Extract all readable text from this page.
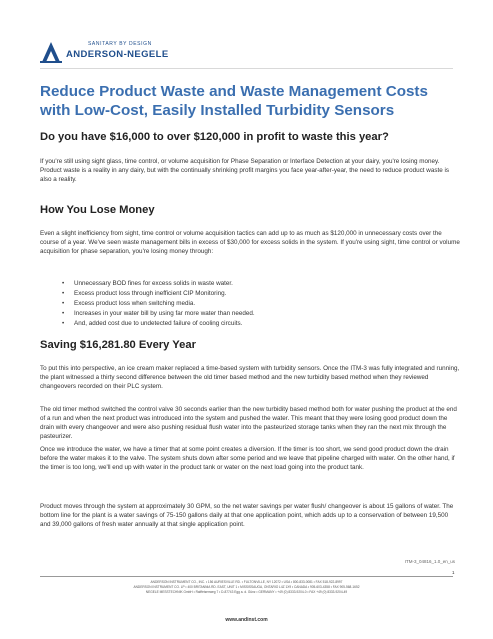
SANITARY BY DESIGN
ANDERSON-NEGELE
Reduce Product Waste and Waste Management Costs with Low-Cost, Easily Installed Turbidity Sensors
Do you have $16,000 to over $120,000 in profit to waste this year?

If you're still using sight glass, time control, or volume acquisition for Phase Separation or Interface Detection at your dairy, you're losing money. Product waste is a reality in any dairy, but with the continually shrinking profit margins you face year-after-year, the need to reduce product waste is also a reality.

How You Lose Money

Even a slight inefficiency from sight, time control or volume acquisition tactics can add up to as much as $120,000 in unnecessary costs over the course of a year. We've seen waste management bills in excess of $30,000 for excess solids in the system. If you're using sight, time control or volume acquisition for phase separation, you're losing money through:

• Unnecessary BOD fines for excess solids in waste water.
• Excess product loss through inefficient CIP Monitoring.
• Excess product loss when switching media.
• Increases in your water bill by using far more water than needed.
• And, added cost due to undetected failure of cooling circuits.
Saving $16,281.80 Every Year

To put this into perspective, an ice cream maker replaced a time-based system with turbidity sensors. Once the ITM-3 was fully integrated and running, the plant witnessed a thirty second difference between the old timer based method and the new turbidity based method when they reviewed changeovers recorded on their PLC system.

The old timer method switched the control valve 30 seconds earlier than the new turbidity based method both for water pushing the product at the end of a run and when the next product was introduced into the system and pushed the water. This meant that they were losing good product down the drain with every changeover and were also pushing residual flush water into the pasteurized storage tanks when they ran the next mix through the pasteurizer.

Once we introduce the water, we have a timer that at some point creates a diversion. If the timer is too short, we send good product down the drain before the water makes it to the valve. The system shuts down after some period and we leave that pipeline charged with water. On the other hand, if the timer is too long, we'll end up with water in the product tank or water on the next load going into the product tank.

Product moves through the system at approximately 30 GPM, so the net water savings per water flush/ changeover is about 15 gallons of water. The bottom line for the plant is a water savings of 75-150 gallons daily at that one application point, which adds up to a conservation of between 19,500 and 39,000 gallons of fresh water annually at that single application point.

ITM-3_04816_1.0_en_us
1
ANDERSON INSTRUMENT CO., INC. • 156 AURIESVILLE RD. • FULTONVILLE, NY 12072 • USA • 800-833-0081 • FAX 518-922-8997
ANDERSON INSTRUMENT CO. LP • 400 BRITANNIA RD. EAST, UNIT 1 • MISSISSAUGA, ONTARIO L4Z 1X9 • CANADA • 905-603-4358 • FAX 905-568-1652
NEGELE MESSTECHNIK GmbH • Raiffeisenweg 7 • D-87743 Egg a. d. Günz • GERMANY • +49 (0) 8333-9204-0 • FAX +49 (0) 8333-9204-49
www.andinst.com
